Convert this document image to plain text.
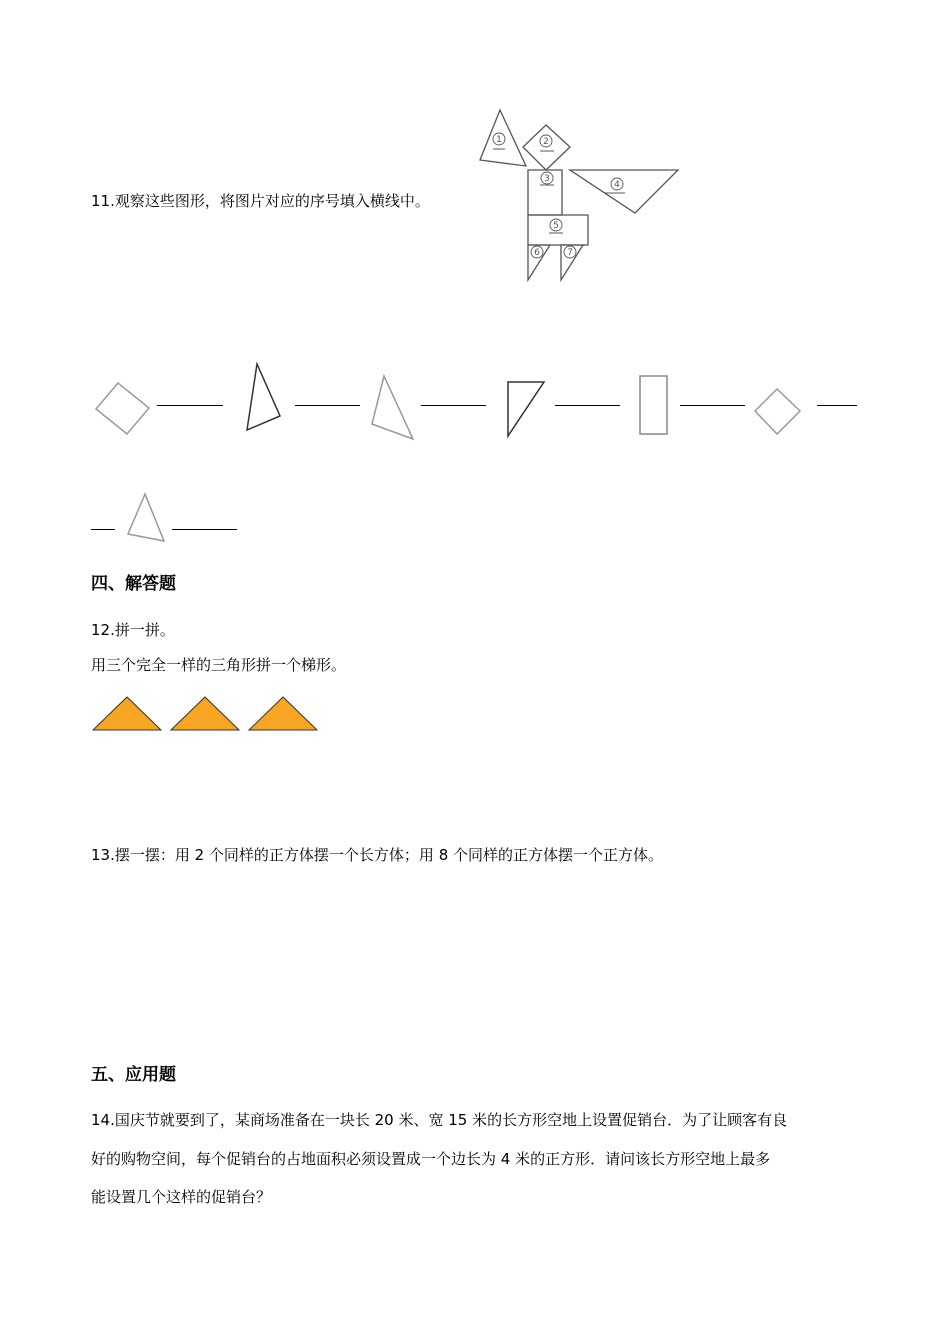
11.观察这些图形，将图片对应的序号填入横线中。
1	2
3
4
5
6	7
四、解答题
12.拼一拼。
用三个完全一样的三角形拼一个梯形。
13.摆一摆：用 2 个同样的正方体摆一个长方体；用 8 个同样的正方体摆一个正方体。
五、应用题
14.国庆节就要到了，某商场准备在一块长 20 米、宽 15 米的长方形空地上设置促销台．为了让顾客有良
好的购物空间，每个促销台的占地面积必须设置成一个边长为 4 米的正方形．请问该长方形空地上最多
能设置几个这样的促销台？
